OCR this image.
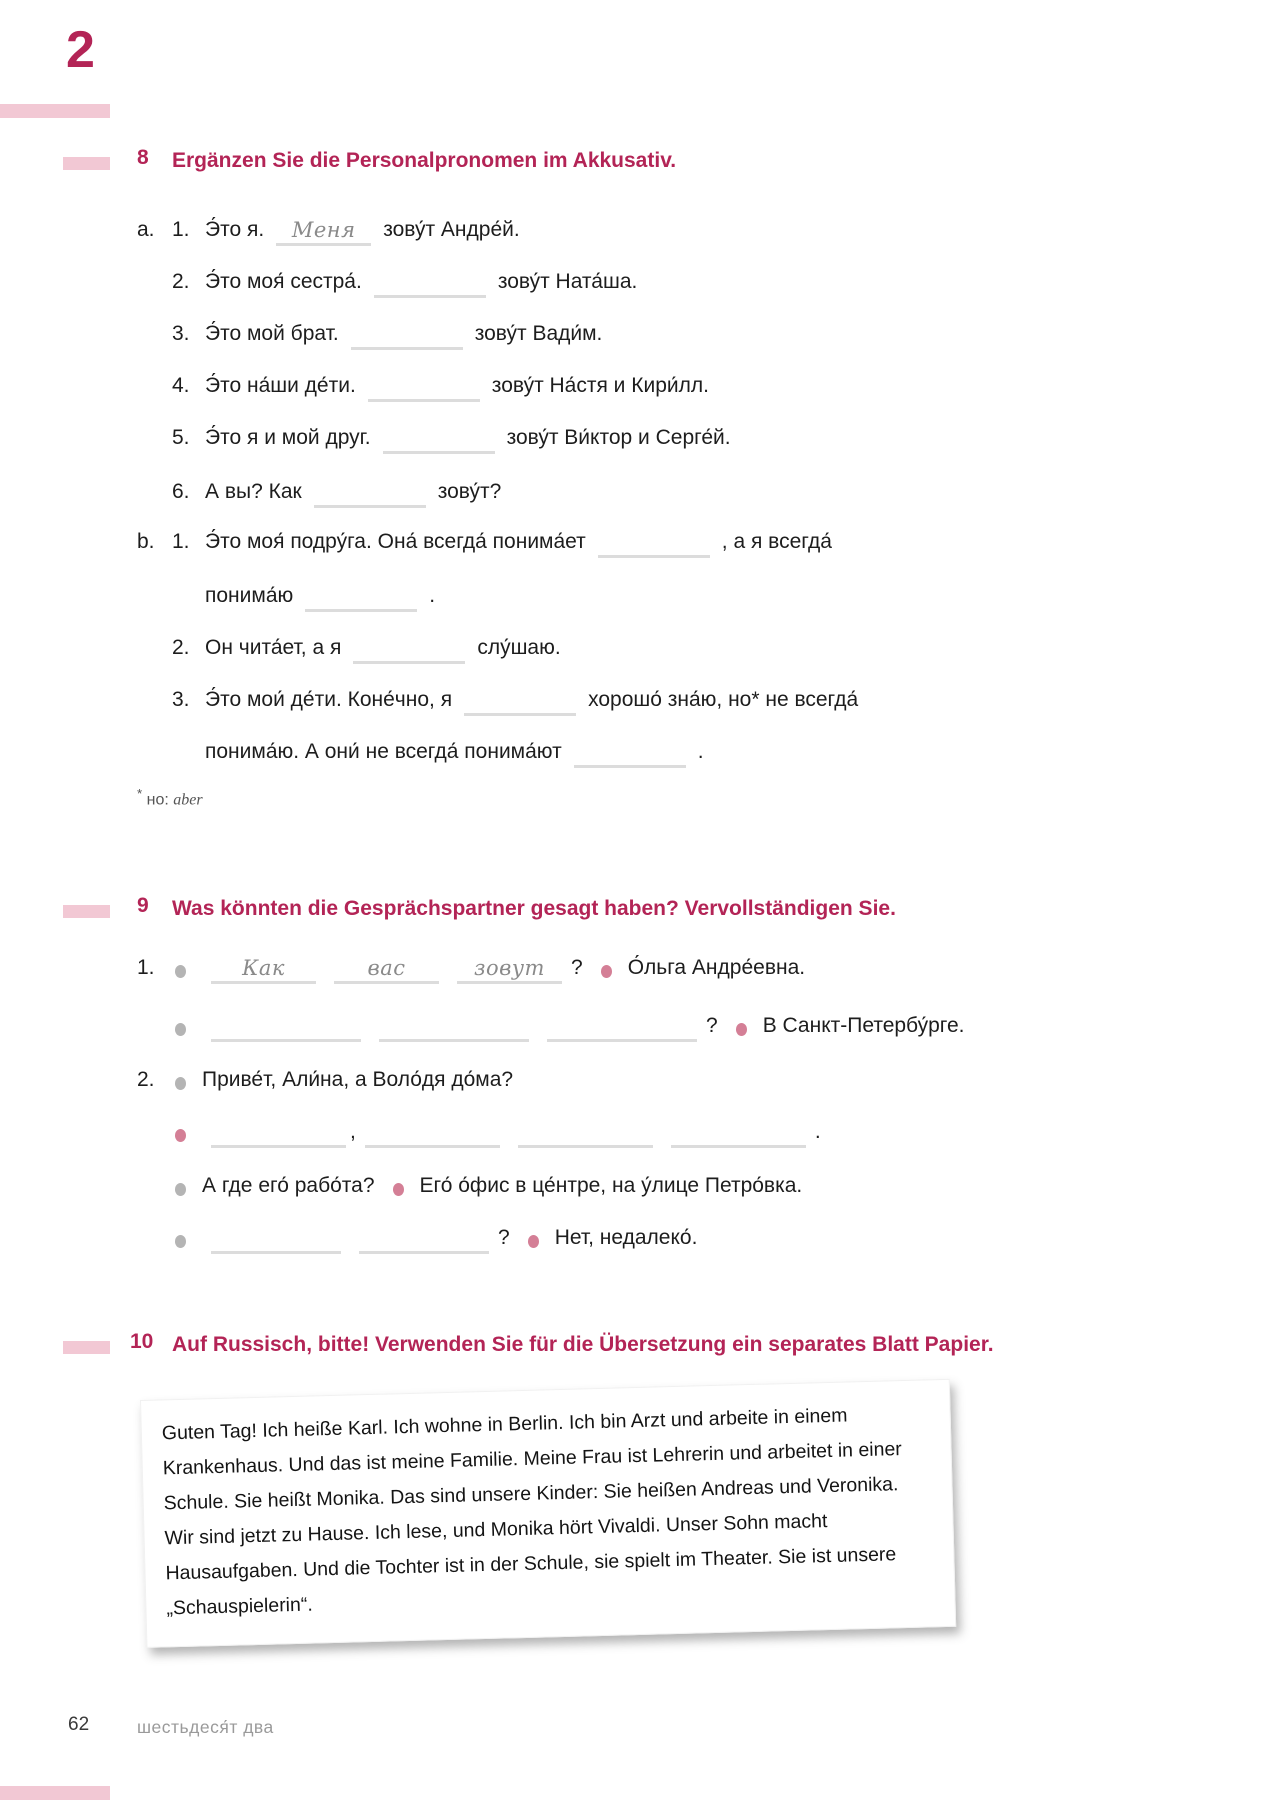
2
8 Ergänzen Sie die Personalpronomen im Akkusativ.
a. 1. Э́то я.	Меня	зову́т Андре́й.
2. Э́то моя́ сестра́.	зову́т Ната́ша.
3. Э́то мой брат.	зову́т Вади́м.
4. Э́то на́ши де́ти.	зову́т На́стя и Кири́лл.
5. Э́то я и мой друг.	зову́т Ви́ктор и Серге́й.
6. А вы? Как	зову́т?
b. 1. Э́то моя́ подру́га. Она́ всегда́ понима́ет	, а я всегда́
понима́ю	.
2. Он чита́ет, а я	слу́шаю.
3. Э́то мои́ де́ти. Коне́чно, я	хорошо́ зна́ю, но* не всегда́
понима́ю. А они́ не всегда́ понима́ют	.
* но: aber
9 Was könnten die Gesprächspartner gesagt haben? Vervollständigen Sie.
1.	Как	вас	зовут	? О́льга Андре́евна.
? В Санкт-Петербу́рге.
2.	Приве́т, Али́на, а Воло́дя до́ма?
,	.
А где его́ рабо́та? Его́ о́фис в це́нтре, на у́лице Петро́вка.
? Нет, недалеко́.
10 Auf Russisch, bitte! Verwenden Sie für die Übersetzung ein separates Blatt Papier.

Guten Tag! Ich heiße Karl. Ich wohne in Berlin. Ich bin Arzt und arbeite in einem Krankenhaus. Und das ist meine Familie. Meine Frau ist Lehrerin und arbeitet in einer Schule. Sie heißt Monika. Das sind unsere Kinder: Sie heißen Andreas und Veronika. Wir sind jetzt zu Hause. Ich lese, und Monika hört Vivaldi. Unser Sohn macht Hausaufgaben. Und die Tochter ist in der Schule, sie spielt im Theater. Sie ist unsere „Schauspielerin“.

62	шестьдеся́т два
